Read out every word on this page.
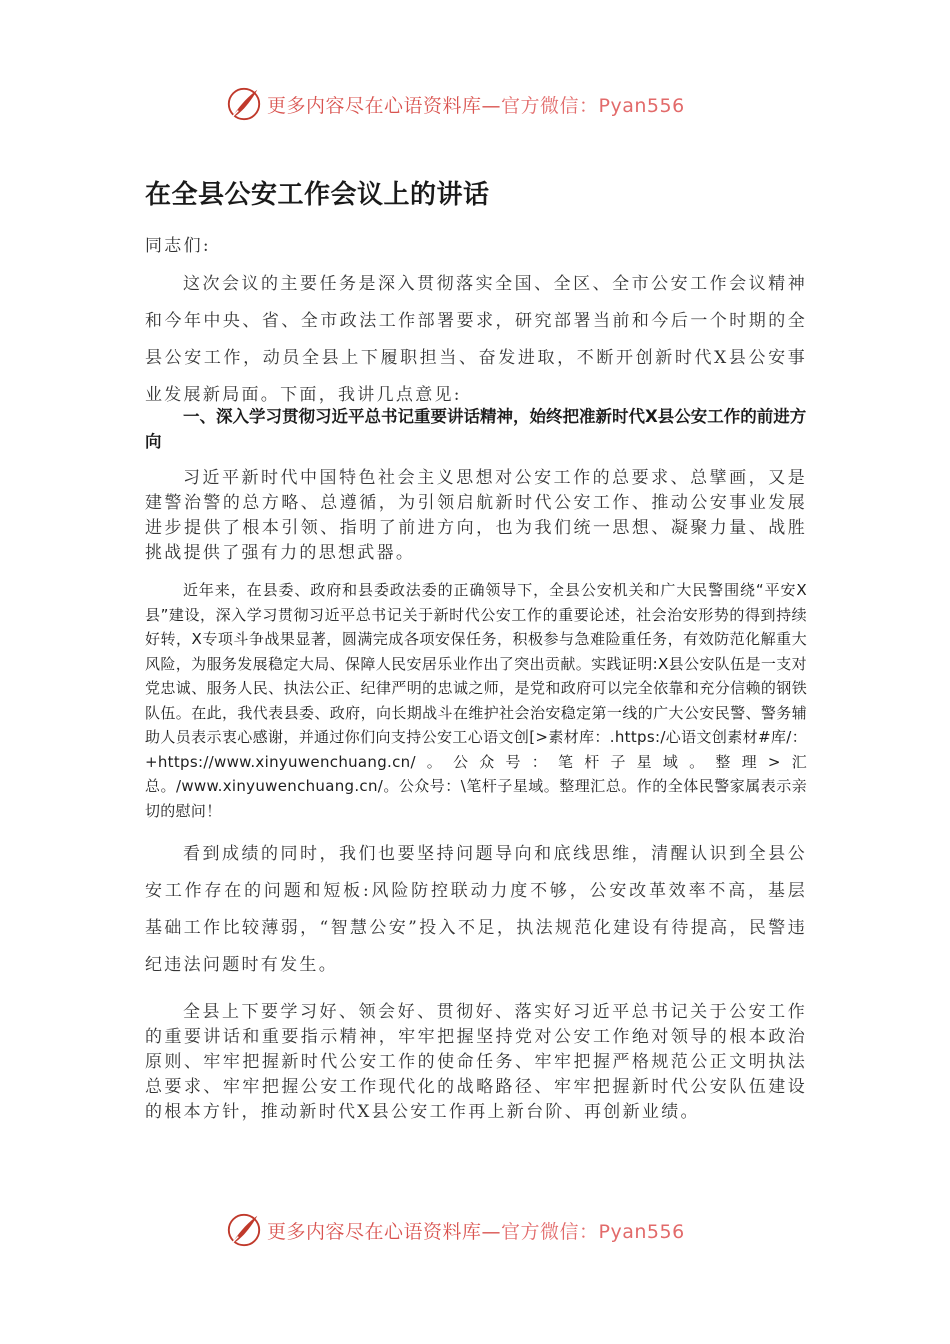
更多内容尽在心语资料库—官方微信：Pyan556
在全县公安工作会议上的讲话

同志们:

这次会议的主要任务是深入贯彻落实全国、全区、全市公安工作会议精神和今年中央、省、全市政法工作部署要求，研究部署当前和今后一个时期的全县公安工作，动员全县上下履职担当、奋发进取，不断开创新时代X县公安事业发展新局面。下面，我讲几点意见:

一、深入学习贯彻习近平总书记重要讲话精神，始终把准新时代X县公安工作的前进方向

习近平新时代中国特色社会主义思想对公安工作的总要求、总擘画，又是建警治警的总方略、总遵循，为引领启航新时代公安工作、推动公安事业发展进步提供了根本引领、指明了前进方向，也为我们统一思想、凝聚力量、战胜挑战提供了强有力的思想武器。

近年来，在县委、政府和县委政法委的正确领导下，全县公安机关和广大民警围绕“平安X县”建设，深入学习贯彻习近平总书记关于新时代公安工作的重要论述，社会治安形势的得到持续好转，X专项斗争战果显著，圆满完成各项安保任务，积极参与急难险重任务，有效防范化解重大风险，为服务发展稳定大局、保障人民安居乐业作出了突出贡献。实践证明:X县公安队伍是一支对党忠诚、服务人民、执法公正、纪律严明的忠诚之师，是党和政府可以完全依靠和充分信赖的钢铁队伍。在此，我代表县委、政府，向长期战斗在维护社会治安稳定第一线的广大公安民警、警务辅助人员表示衷心感谢，并通过你们向支持公安工心语文创[>素材库：.https:/心语文创素材#库/：+https://www.xinyuwenchuang.cn/。公众号：笔杆子星域。整理>汇总。/www.xinyuwenchuang.cn/。公众号：\笔杆子星域。整理汇总。作的全体民警家属表示亲切的慰问！

看到成绩的同时，我们也要坚持问题导向和底线思维，清醒认识到全县公安工作存在的问题和短板:风险防控联动力度不够，公安改革效率不高，基层基础工作比较薄弱，“智慧公安”投入不足，执法规范化建设有待提高，民警违纪违法问题时有发生。

全县上下要学习好、领会好、贯彻好、落实好习近平总书记关于公安工作的重要讲话和重要指示精神，牢牢把握坚持党对公安工作绝对领导的根本政治原则、牢牢把握新时代公安工作的使命任务、牢牢把握严格规范公正文明执法总要求、牢牢把握公安工作现代化的战略路径、牢牢把握新时代公安队伍建设的根本方针，推动新时代X县公安工作再上新台阶、再创新业绩。

更多内容尽在心语资料库—官方微信：Pyan556
